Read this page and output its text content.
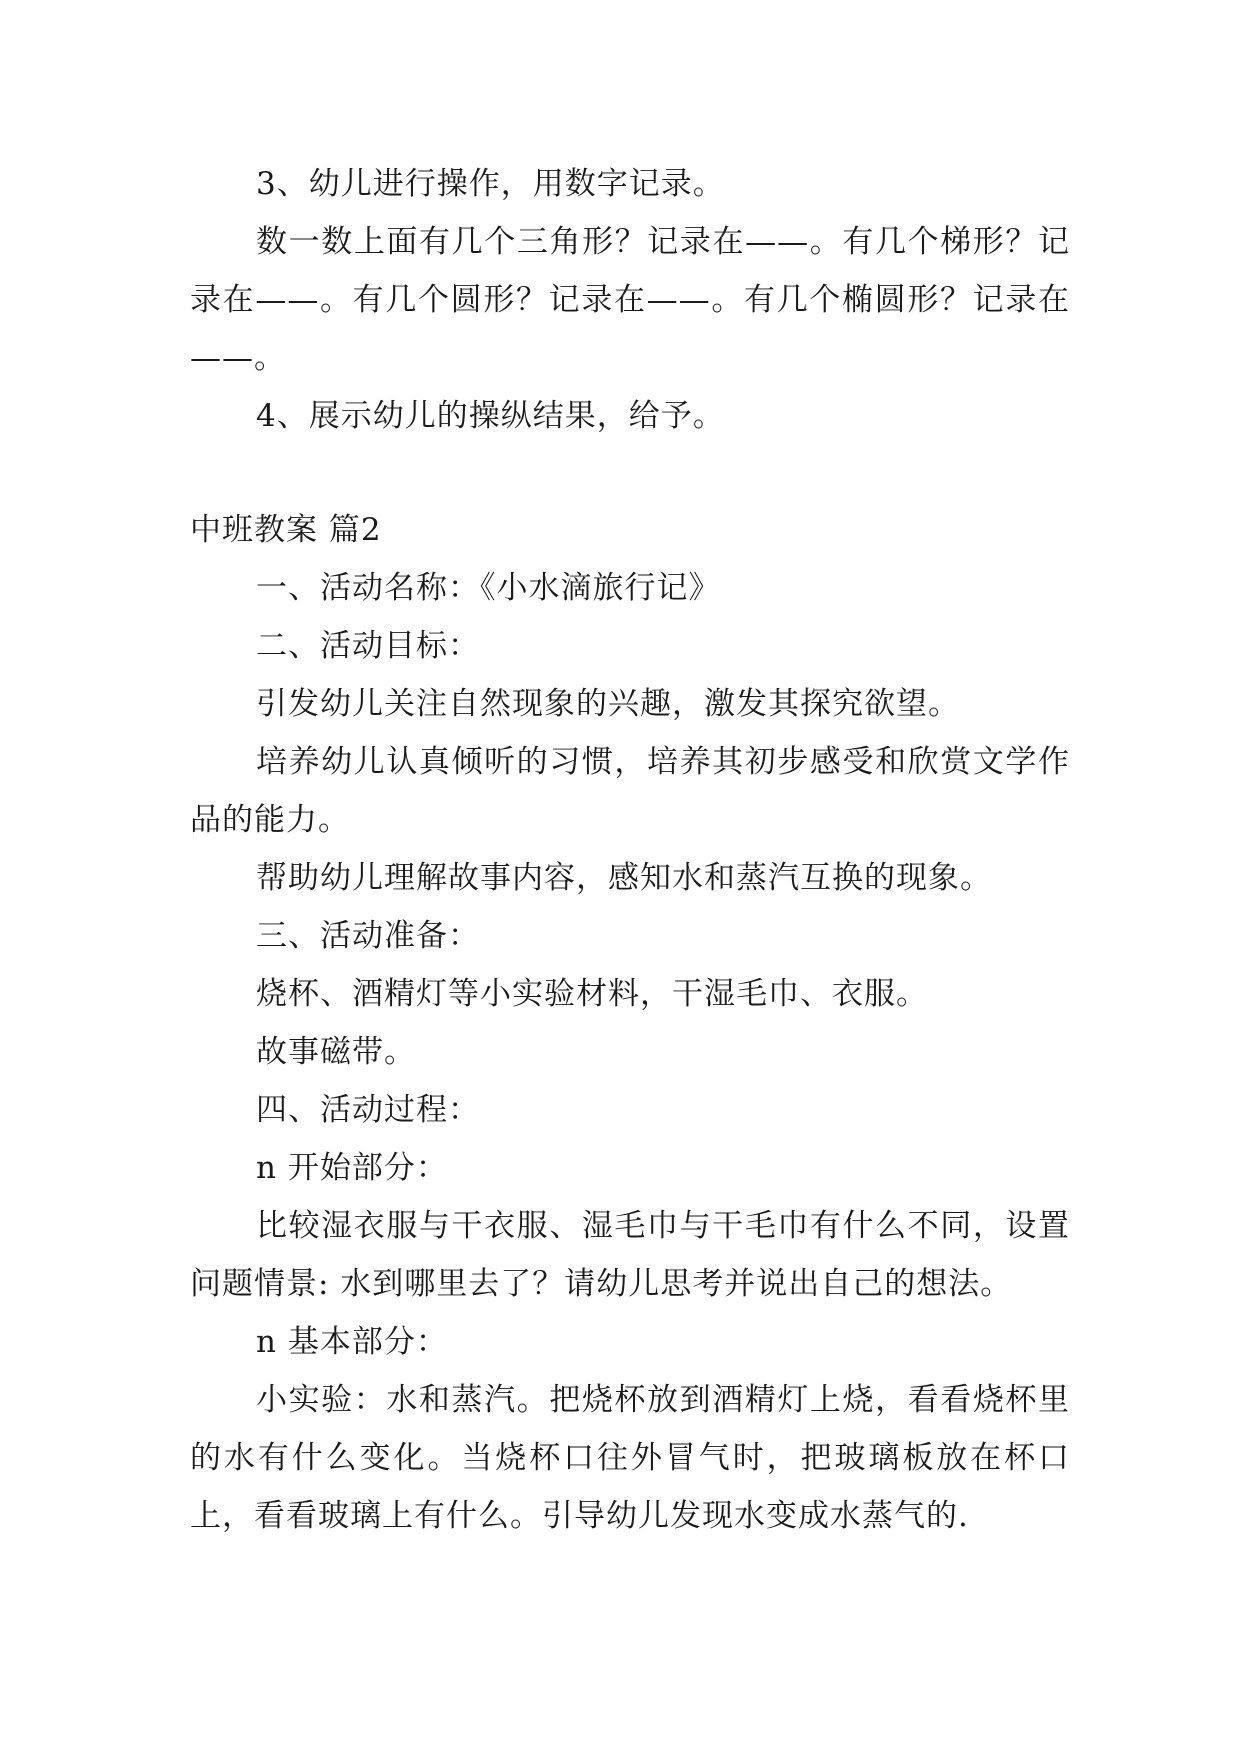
3、幼儿进行操作，用数字记录。

数一数上面有几个三角形？记录在——。有几个梯形？记录在——。有几个圆形？记录在——。有几个椭圆形？记录在——。

4、展示幼儿的操纵结果，给予。

中班教案 篇2

一、活动名称：《小水滴旅行记》

二、活动目标：

引发幼儿关注自然现象的兴趣，激发其探究欲望。

培养幼儿认真倾听的习惯，培养其初步感受和欣赏文学作品的能力。

帮助幼儿理解故事内容，感知水和蒸汽互换的现象。

三、活动准备：

烧杯、酒精灯等小实验材料，干湿毛巾、衣服。

故事磁带。

四、活动过程：

n 开始部分：

比较湿衣服与干衣服、湿毛巾与干毛巾有什么不同，设置问题情景: 水到哪里去了？请幼儿思考并说出自己的想法。

n 基本部分：

小实验：水和蒸汽。把烧杯放到酒精灯上烧，看看烧杯里的水有什么变化。当烧杯口往外冒气时，把玻璃板放在杯口上，看看玻璃上有什么。引导幼儿发现水变成水蒸气的.
